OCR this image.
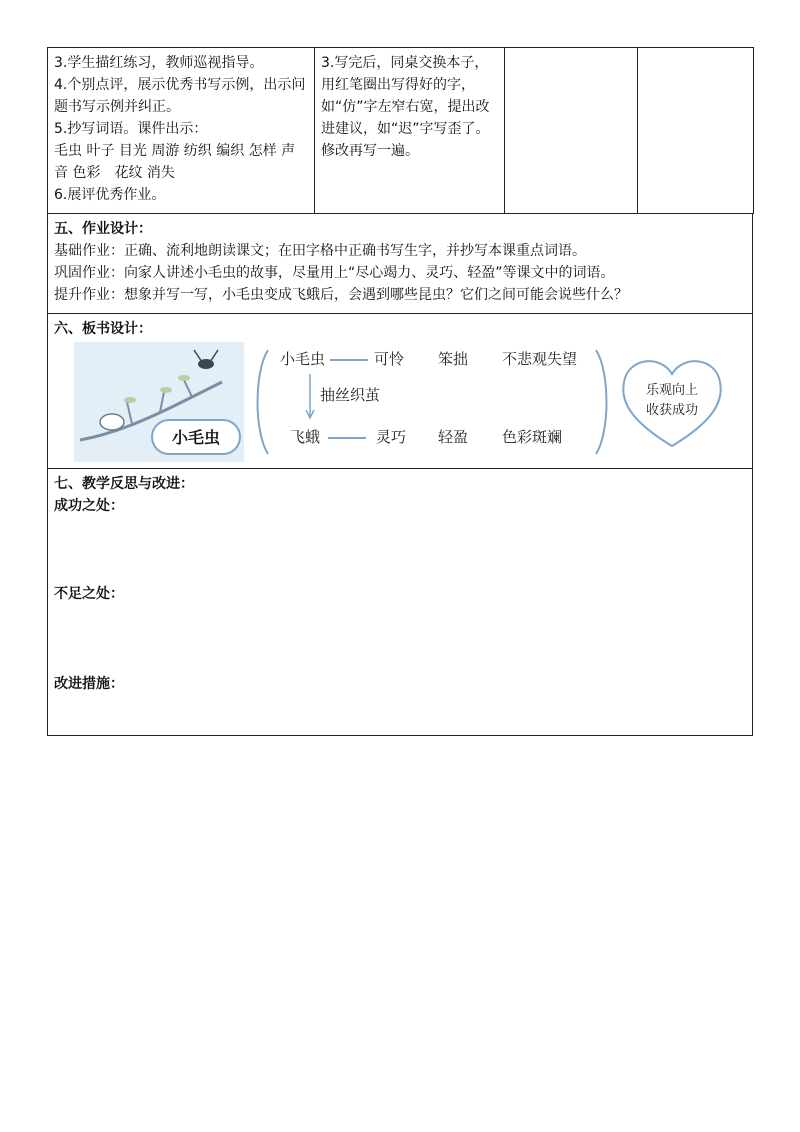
3.学生描红练习，教师巡视指导。
4.个别点评，展示优秀书写示例，出示问题书写示例并纠正。
5.抄写词语。课件出示：
毛虫 叶子 目光 周游 纺织 编织 怎样 声音 色彩　花纹 消失
6.展评优秀作业。

3.写完后，同桌交换本子，用红笔圈出写得好的字，如“仿”字左窄右宽，提出改进建议，如“迟”字写歪了。修改再写一遍。

五、作业设计：
基础作业：正确、流利地朗读课文；在田字格中正确书写生字，并抄写本课重点词语。
巩固作业：向家人讲述小毛虫的故事，尽量用上“尽心竭力、灵巧、轻盈”等课文中的词语。
提升作业：想象并写一写，小毛虫变成飞蛾后，会遇到哪些昆虫？它们之间可能会说些什么？
六、板书设计：
小毛虫
小毛虫	可怜 笨拙 不悲观失望
抽丝织茧
飞蛾	灵巧 轻盈 色彩斑斓
乐观向上
收获成功
七、教学反思与改进：
成功之处：
不足之处：
改进措施：
